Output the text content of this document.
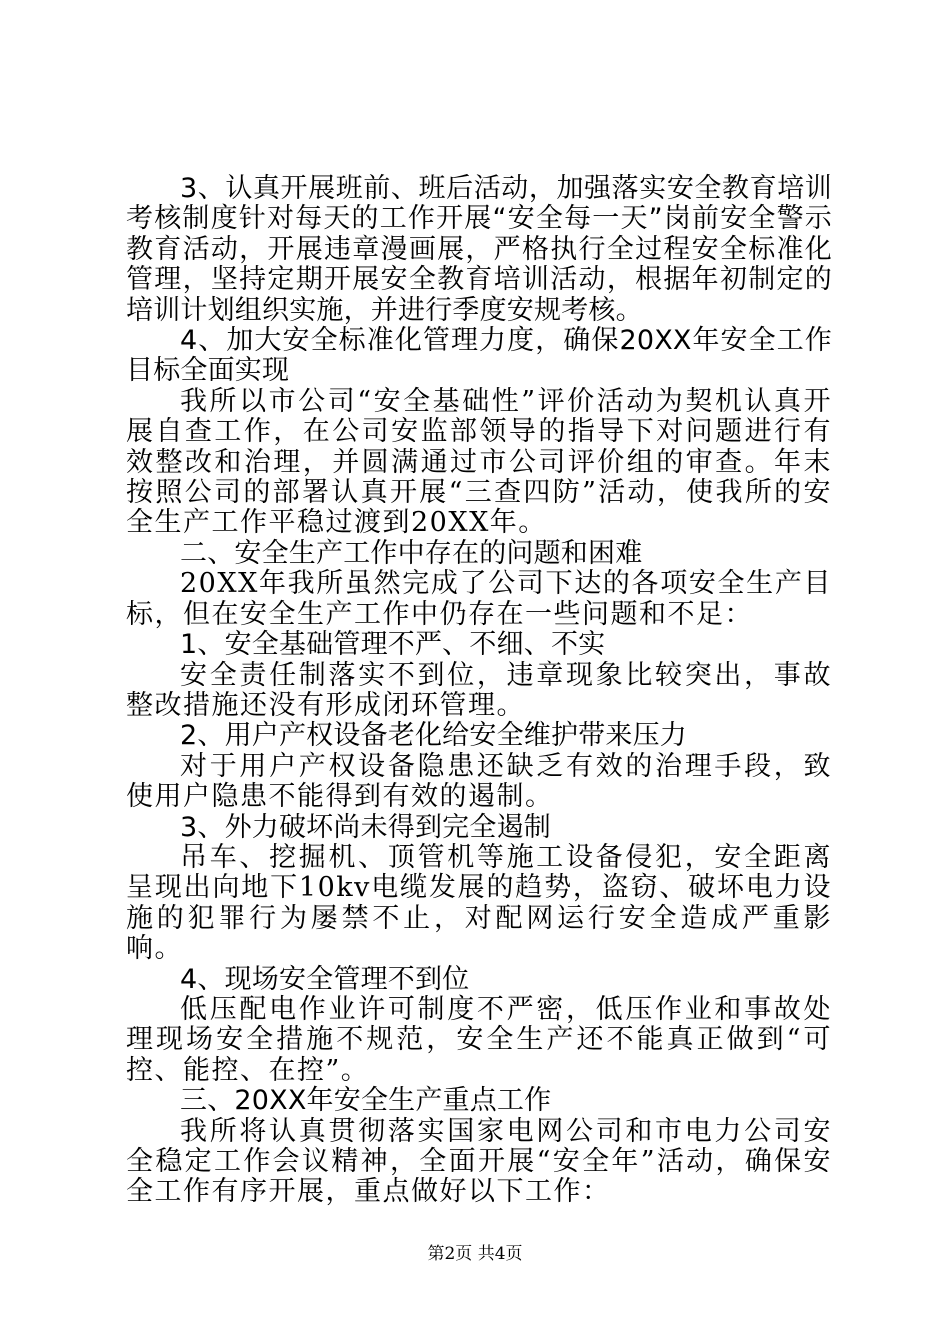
3、认真开展班前、班后活动，加强落实安全教育培训考核制度针对每天的工作开展“安全每一天”岗前安全警示教育活动，开展违章漫画展，严格执行全过程安全标准化管理，坚持定期开展安全教育培训活动，根据年初制定的培训计划组织实施，并进行季度安规考核。

4、加大安全标准化管理力度，确保20XX年安全工作目标全面实现

我所以市公司“安全基础性”评价活动为契机认真开展自查工作，在公司安监部领导的指导下对问题进行有效整改和治理，并圆满通过市公司评价组的审查。年末按照公司的部署认真开展“三查四防”活动，使我所的安全生产工作平稳过渡到20XX年。

二、安全生产工作中存在的问题和困难

20XX年我所虽然完成了公司下达的各项安全生产目标，但在安全生产工作中仍存在一些问题和不足：

1、安全基础管理不严、不细、不实

安全责任制落实不到位，违章现象比较突出，事故整改措施还没有形成闭环管理。

2、用户产权设备老化给安全维护带来压力

对于用户产权设备隐患还缺乏有效的治理手段，致使用户隐患不能得到有效的遏制。

3、外力破坏尚未得到完全遏制

吊车、挖掘机、顶管机等施工设备侵犯，安全距离呈现出向地下10kv电缆发展的趋势，盗窃、破坏电力设施的犯罪行为屡禁不止，对配网运行安全造成严重影响。

4、现场安全管理不到位

低压配电作业许可制度不严密，低压作业和事故处理现场安全措施不规范，安全生产还不能真正做到“可控、能控、在控”。

三、20XX年安全生产重点工作

我所将认真贯彻落实国家电网公司和市电力公司安全稳定工作会议精神，全面开展“安全年”活动，确保安全工作有序开展，重点做好以下工作：

第2页 共4页
